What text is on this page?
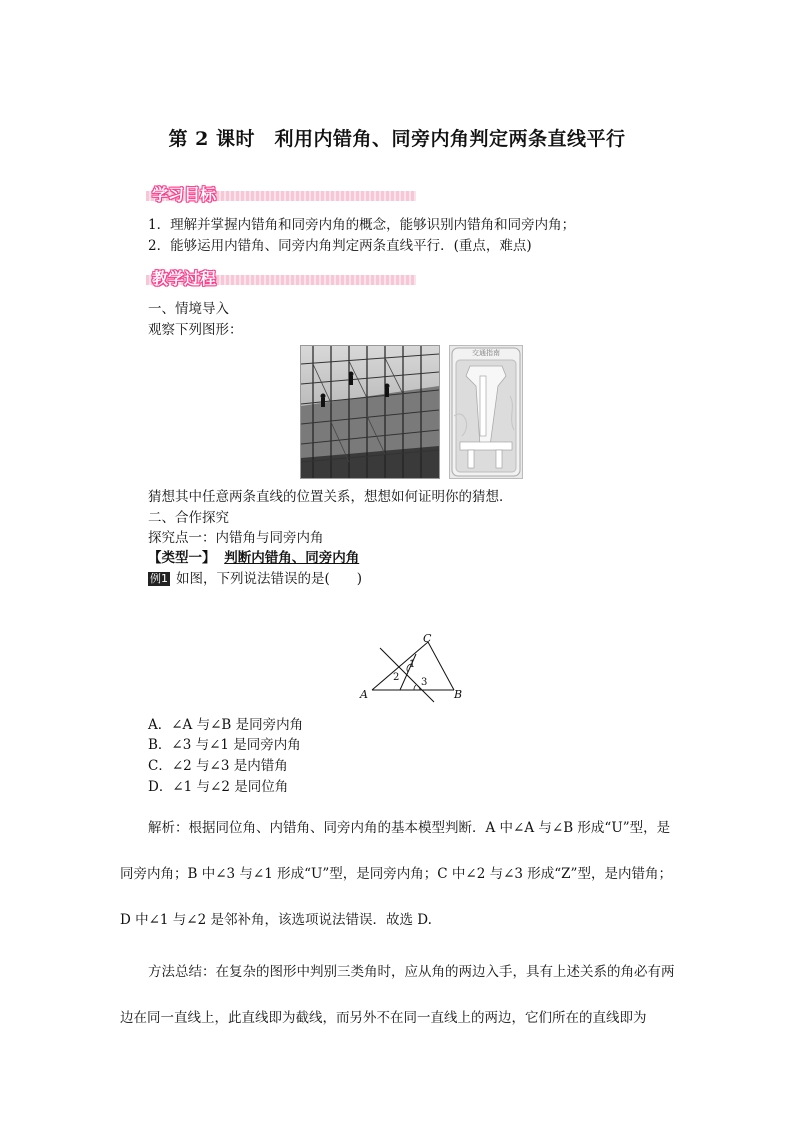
第 2 课时　利用内错角、同旁内角判定两条直线平行
学习目标
1．理解并掌握内错角和同旁内角的概念，能够识别内错角和同旁内角；
2．能够运用内错角、同旁内角判定两条直线平行．(重点，难点)
教学过程
一、情境导入
观察下列图形：
交通指南
猜想其中任意两条直线的位置关系，想想如何证明你的猜想．
二、合作探究
探究点一：内错角与同旁内角
【类型一】 判断内错角、同旁内角
例1 如图，下列说法错误的是(　　)
A	B
C
1
2 3
A．∠A 与∠B 是同旁内角
B．∠3 与∠1 是同旁内角
C．∠2 与∠3 是内错角
D．∠1 与∠2 是同位角
解析：根据同位角、内错角、同旁内角的基本模型判断．A 中∠A 与∠B 形成“U”型，是同旁内角；B 中∠3 与∠1 形成“U”型，是同旁内角；C 中∠2 与∠3 形成“Z”型，是内错角；D 中∠1 与∠2 是邻补角，该选项说法错误．故选 D.
方法总结：在复杂的图形中判别三类角时，应从角的两边入手，具有上述关系的角必有两边在同一直线上，此直线即为截线，而另外不在同一直线上的两边，它们所在的直线即为
